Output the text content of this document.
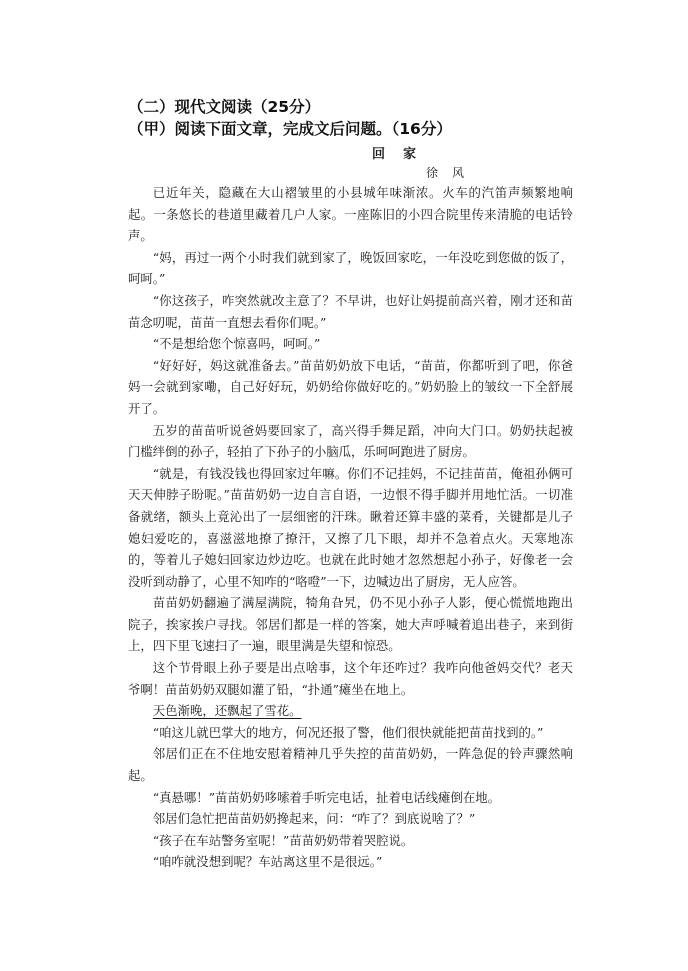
（二）现代文阅读（25分）
（甲）阅读下面文章，完成文后问题。（16分）
回家
徐风

已近年关，隐藏在大山褶皱里的小县城年味渐浓。火车的汽笛声频繁地响起。一条悠长的巷道里藏着几户人家。一座陈旧的小四合院里传来清脆的电话铃声。

“妈，再过一两个小时我们就到家了，晚饭回家吃，一年没吃到您做的饭了，呵呵。”

“你这孩子，咋突然就改主意了？不早讲，也好让妈提前高兴着，刚才还和苗苗念叨呢，苗苗一直想去看你们呢。”

“不是想给您个惊喜吗，呵呵。”

“好好好，妈这就准备去。”苗苗奶奶放下电话，“苗苗，你都听到了吧，你爸妈一会就到家嘞，自己好好玩，奶奶给你做好吃的。”奶奶脸上的皱纹一下全舒展开了。

五岁的苗苗听说爸妈要回家了，高兴得手舞足蹈，冲向大门口。奶奶扶起被门槛绊倒的孙子，轻拍了下孙子的小脑瓜，乐呵呵跑进了厨房。

“就是，有钱没钱也得回家过年嘛。你们不记挂妈，不记挂苗苗，俺祖孙俩可天天伸脖子盼呢。”苗苗奶奶一边自言自语，一边恨不得手脚并用地忙活。一切准备就绪，额头上竟沁出了一层细密的汗珠。瞅着还算丰盛的菜肴，关键都是儿子媳妇爱吃的，喜滋滋地撩了撩汗，又擦了几下眼，却并不急着点火。天寒地冻的，等着儿子媳妇回家边炒边吃。也就在此时她才忽然想起小孙子，好像老一会没听到动静了，心里不知咋的“咯噔”一下，边喊边出了厨房，无人应答。

苗苗奶奶翻遍了满屋满院，犄角旮旯，仍不见小孙子人影，便心慌慌地跑出院子，挨家挨户寻找。邻居们都是一样的答案，她大声呼喊着追出巷子，来到街上，四下里飞速扫了一遍，眼里满是失望和惊恐。

这个节骨眼上孙子要是出点啥事，这个年还咋过？我咋向他爸妈交代？老天爷啊！苗苗奶奶双腿如灌了铅，“扑通”瘫坐在地上。

天色渐晚，还飘起了雪花。

“咱这儿就巴掌大的地方，何况还报了警，他们很快就能把苗苗找到的。”

邻居们正在不住地安慰着精神几乎失控的苗苗奶奶，一阵急促的铃声骤然响起。

“真悬哪！”苗苗奶奶哆嗦着手听完电话，扯着电话线瘫倒在地。

邻居们急忙把苗苗奶奶搀起来，问：“咋了？到底说啥了？”

“孩子在车站警务室呢！”苗苗奶奶带着哭腔说。

“咱咋就没想到呢？车站离这里不是很远。”
